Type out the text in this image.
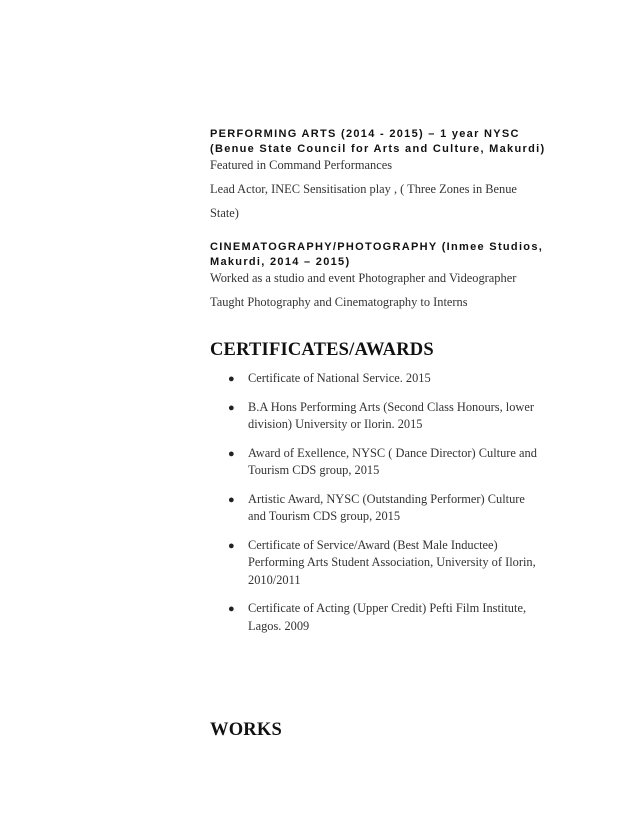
PERFORMING ARTS (2014 - 2015) – 1 year NYSC
(Benue State Council for Arts and Culture, Makurdi)
Featured in Command Performances
Lead Actor, INEC Sensitisation play , ( Three Zones in Benue
State)
CINEMATOGRAPHY/PHOTOGRAPHY (Inmee Studios,
Makurdi, 2014 – 2015)
Worked as a studio and event Photographer and Videographer
Taught Photography and Cinematography to Interns
CERTIFICATES/AWARDS
● Certificate of National Service. 2015
● B.A Hons Performing Arts (Second Class Honours, lower
division) University or Ilorin. 2015
● Award of Exellence, NYSC ( Dance Director) Culture and
Tourism CDS group, 2015
● Artistic Award, NYSC (Outstanding Performer) Culture
and Tourism CDS group, 2015
● Certificate of Service/Award (Best Male Inductee)
Performing Arts Student Association, University of Ilorin,
2010/2011
● Certificate of Acting (Upper Credit) Pefti Film Institute,
Lagos. 2009
WORKS
